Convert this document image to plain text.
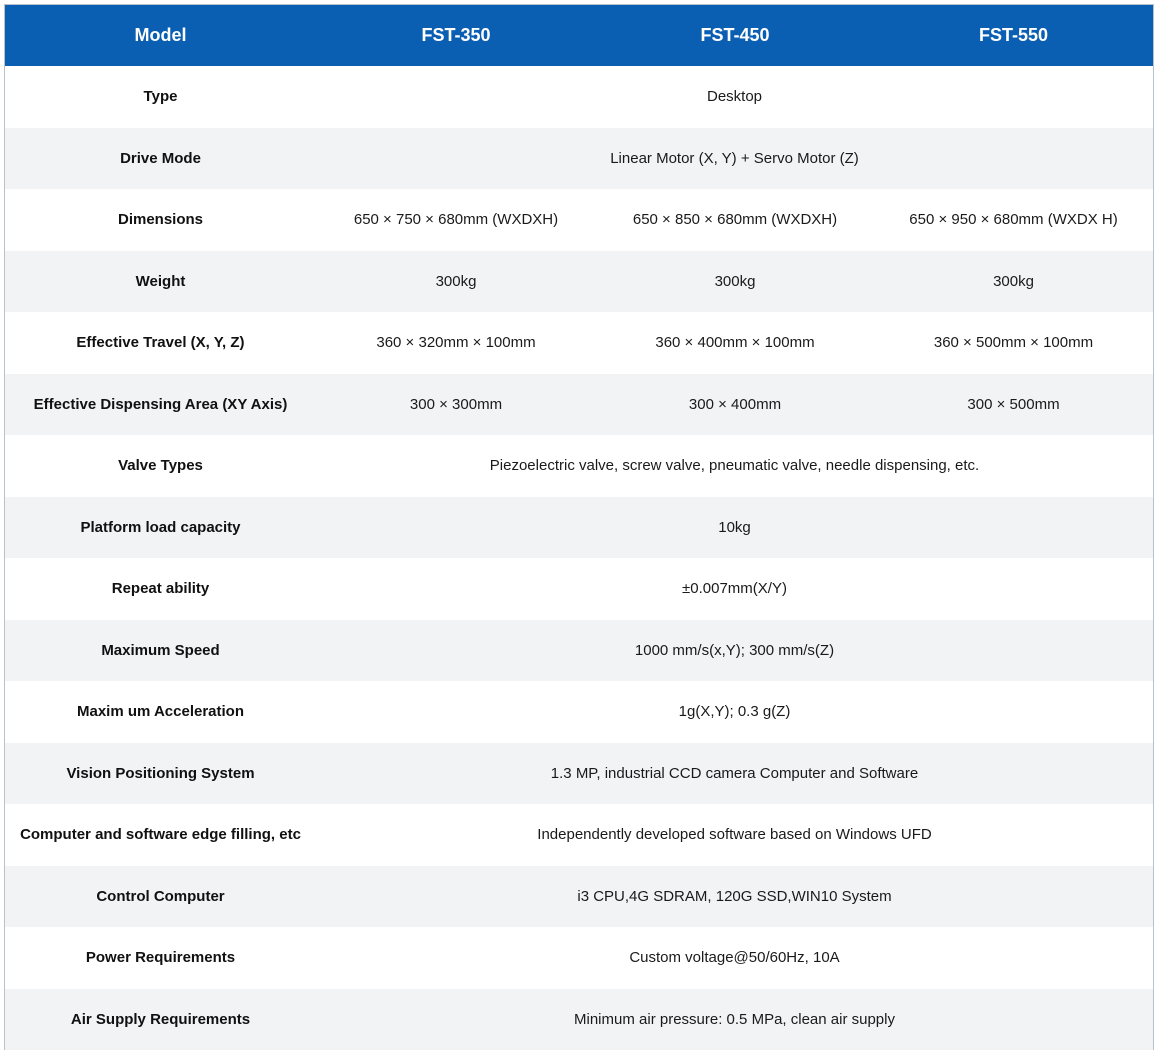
Model	FST-350	FST-450	FST-550
Type	Desktop		
Drive Mode	Linear Motor (X, Y) + Servo Motor (Z)		
Dimensions	650 × 750 × 680mm (WXDXH)	650 × 850 × 680mm (WXDXH)	650 × 950 × 680mm (WXDX H)
Weight	300kg	300kg	300kg
Effective Travel (X, Y, Z)	360 × 320mm × 100mm	360 × 400mm × 100mm	360 × 500mm × 100mm
Effective Dispensing Area (XY Axis)	300 × 300mm	300 × 400mm	300 × 500mm
Valve Types	Piezoelectric valve, screw valve, pneumatic valve, needle dispensing, etc.		
Platform load capacity	10kg		
Repeat ability	±0.007mm(X/Y)		
Maximum Speed	1000 mm/s(x,Y); 300 mm/s(Z)		
Maxim um Acceleration	1g(X,Y); 0.3 g(Z)		
Vision Positioning System	1.3 MP, industrial CCD camera Computer and Software		
Computer and software edge filling, etc	Independently developed software based on Windows UFD		
Control Computer	i3 CPU,4G SDRAM, 120G SSD,WIN10 System		
Power Requirements	Custom voltage@50/60Hz, 10A		
Air Supply Requirements	Minimum air pressure: 0.5 MPa, clean air supply		
